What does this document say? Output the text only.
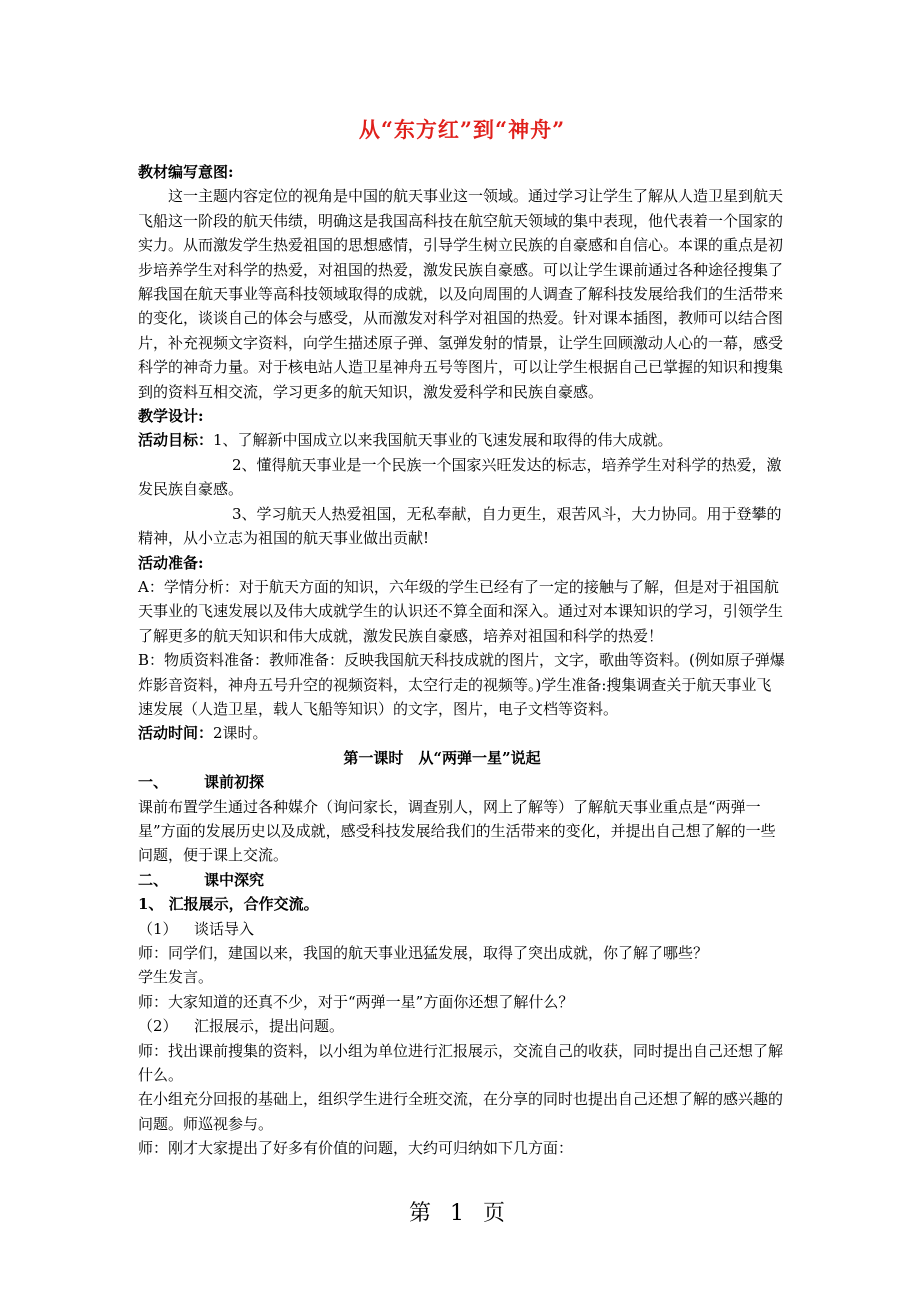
从“东方红”到“神舟”

教材编写意图:

这一主题内容定位的视角是中国的航天事业这一领域。通过学习让学生了解从人造卫星到航天飞船这一阶段的航天伟绩，明确这是我国高科技在航空航天领域的集中表现，他代表着一个国家的实力。从而激发学生热爱祖国的思想感情，引导学生树立民族的自豪感和自信心。本课的重点是初步培养学生对科学的热爱，对祖国的热爱，激发民族自豪感。可以让学生课前通过各种途径搜集了解我国在航天事业等高科技领域取得的成就，以及向周围的人调查了解科技发展给我们的生活带来的变化，谈谈自己的体会与感受，从而激发对科学对祖国的热爱。针对课本插图，教师可以结合图片，补充视频文字资料，向学生描述原子弹、氢弹发射的情景，让学生回顾激动人心的一幕，感受科学的神奇力量。对于核电站人造卫星神舟五号等图片，可以让学生根据自己已掌握的知识和搜集到的资料互相交流，学习更多的航天知识，激发爱科学和民族自豪感。

教学设计:

活动目标：1、了解新中国成立以来我国航天事业的飞速发展和取得的伟大成就。

2、懂得航天事业是一个民族一个国家兴旺发达的标志，培养学生对科学的热爱，激发民族自豪感。

3、学习航天人热爱祖国，无私奉献，自力更生，艰苦风斗，大力协同。用于登攀的精神，从小立志为祖国的航天事业做出贡献!

活动准备:

A：学情分析：对于航天方面的知识，六年级的学生已经有了一定的接触与了解，但是对于祖国航天事业的飞速发展以及伟大成就学生的认识还不算全面和深入。通过对本课知识的学习，引领学生了解更多的航天知识和伟大成就，激发民族自豪感，培养对祖国和科学的热爱！

B：物质资料准备：教师准备：反映我国航天科技成就的图片，文字，歌曲等资料。(例如原子弹爆炸影音资料，神舟五号升空的视频资料，太空行走的视频等。)学生准备:搜集调查关于航天事业飞速发展（人造卫星，载人飞船等知识）的文字，图片，电子文档等资料。

活动时间：2课时。

第一课时　从“两弹一星”说起

一、 课前初探

课前布置学生通过各种媒介（询问家长，调查别人，网上了解等）了解航天事业重点是“两弹一星”方面的发展历史以及成就，感受科技发展给我们的生活带来的变化，并提出自己想了解的一些问题，便于课上交流。

二、 课中深究

1、 汇报展示，合作交流。

（1） 谈话导入

师：同学们，建国以来，我国的航天事业迅猛发展，取得了突出成就，你了解了哪些？

学生发言。

师：大家知道的还真不少，对于“两弹一星”方面你还想了解什么？

（2） 汇报展示，提出问题。

师：找出课前搜集的资料，以小组为单位进行汇报展示，交流自己的收获，同时提出自己还想了解什么。

在小组充分回报的基础上，组织学生进行全班交流，在分享的同时也提出自己还想了解的感兴趣的问题。师巡视参与。

师：刚才大家提出了好多有价值的问题，大约可归纳如下几方面：

第 1 页
